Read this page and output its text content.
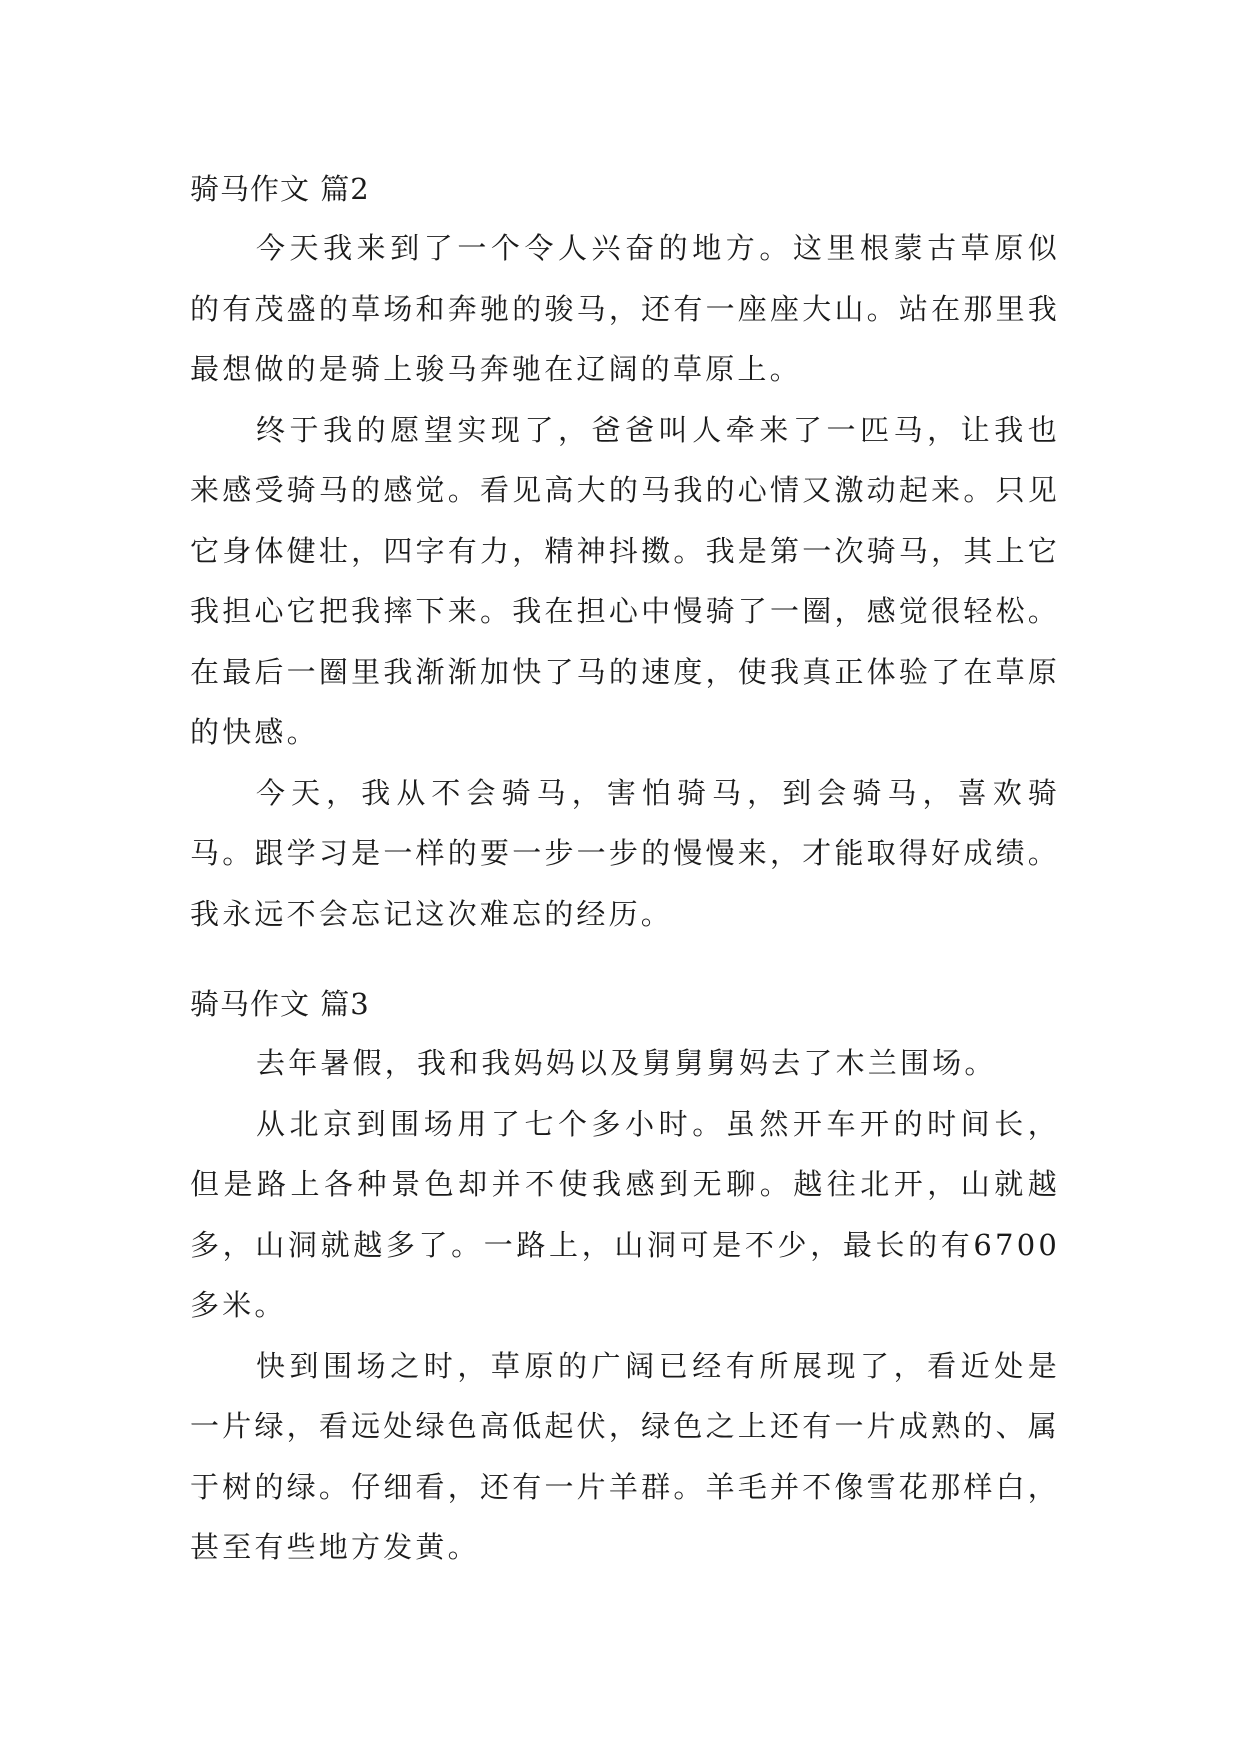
骑马作文 篇2

今天我来到了一个令人兴奋的地方。这里根蒙古草原似的有茂盛的草场和奔驰的骏马，还有一座座大山。站在那里我最想做的是骑上骏马奔驰在辽阔的草原上。

终于我的愿望实现了，爸爸叫人牵来了一匹马，让我也来感受骑马的感觉。看见高大的马我的心情又激动起来。只见它身体健壮，四字有力，精神抖擞。我是第一次骑马，其上它我担心它把我摔下来。我在担心中慢骑了一圈，感觉很轻松。在最后一圈里我渐渐加快了马的速度，使我真正体验了在草原的快感。

今天，我从不会骑马，害怕骑马，到会骑马，喜欢骑马。跟学习是一样的要一步一步的慢慢来，才能取得好成绩。我永远不会忘记这次难忘的经历。

骑马作文 篇3

去年暑假，我和我妈妈以及舅舅舅妈去了木兰围场。

从北京到围场用了七个多小时。虽然开车开的时间长，但是路上各种景色却并不使我感到无聊。越往北开，山就越多，山洞就越多了。一路上，山洞可是不少，最长的有6700多米。

快到围场之时，草原的广阔已经有所展现了，看近处是一片绿，看远处绿色高低起伏，绿色之上还有一片成熟的、属于树的绿。仔细看，还有一片羊群。羊毛并不像雪花那样白，甚至有些地方发黄。
